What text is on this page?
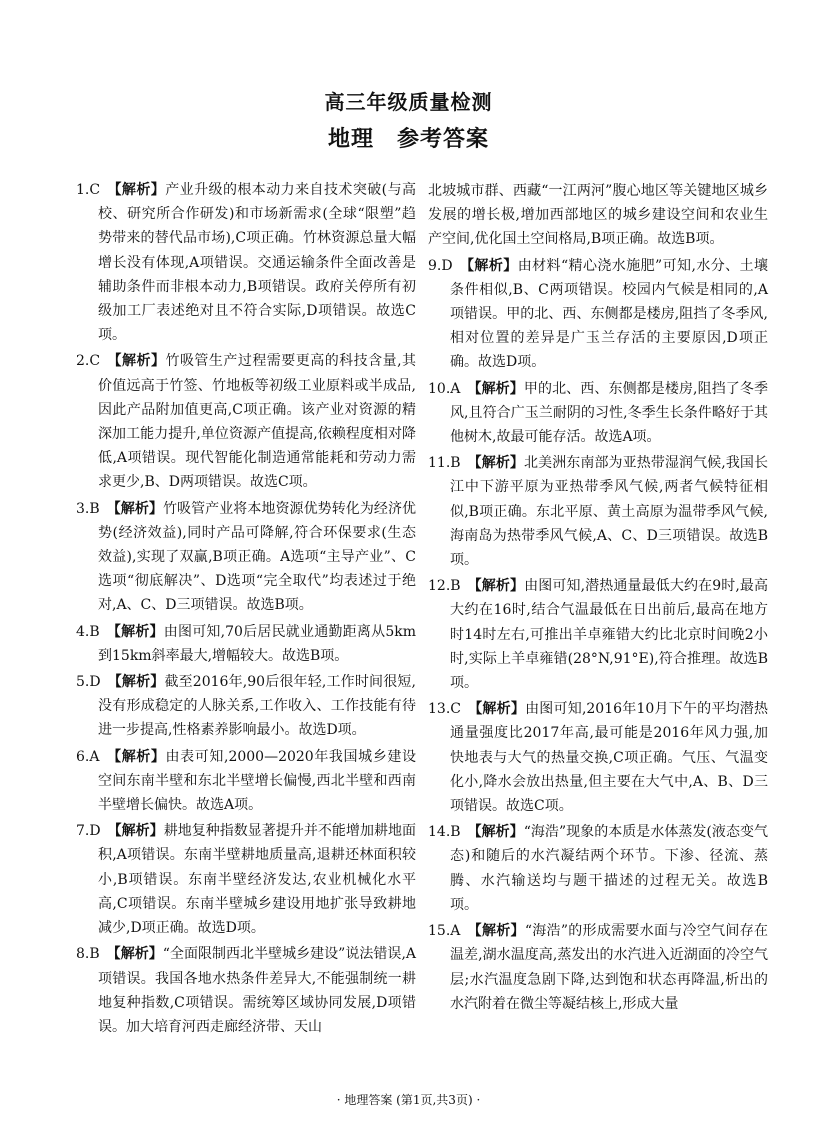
高三年级质量检测
地理　参考答案

1.C  【解析】产业升级的根本动力来自技术突破(与高校、研究所合作研发)和市场新需求(全球“限塑”趋势带来的替代品市场),C项正确。竹林资源总量大幅增长没有体现,A项错误。交通运输条件全面改善是辅助条件而非根本动力,B项错误。政府关停所有初级加工厂表述绝对且不符合实际,D项错误。故选C项。

2.C  【解析】竹吸管生产过程需要更高的科技含量,其价值远高于竹签、竹地板等初级工业原料或半成品,因此产品附加值更高,C项正确。该产业对资源的精深加工能力提升,单位资源产值提高,依赖程度相对降低,A项错误。现代智能化制造通常能耗和劳动力需求更少,B、D两项错误。故选C项。

3.B  【解析】竹吸管产业将本地资源优势转化为经济优势(经济效益),同时产品可降解,符合环保要求(生态效益),实现了双赢,B项正确。A选项“主导产业”、C选项“彻底解决”、D选项“完全取代”均表述过于绝对,A、C、D三项错误。故选B项。

4.B  【解析】由图可知,70后居民就业通勤距离从5km到15km斜率最大,增幅较大。故选B项。

5.D  【解析】截至2016年,90后很年轻,工作时间很短,没有形成稳定的人脉关系,工作收入、工作技能有待进一步提高,性格素养影响最小。故选D项。

6.A  【解析】由表可知,2000—2020年我国城乡建设空间东南半壁和东北半壁增长偏慢,西北半壁和西南半壁增长偏快。故选A项。

7.D  【解析】耕地复种指数显著提升并不能增加耕地面积,A项错误。东南半壁耕地质量高,退耕还林面积较小,B项错误。东南半壁经济发达,农业机械化水平高,C项错误。东南半壁城乡建设用地扩张导致耕地减少,D项正确。故选D项。

8.B  【解析】“全面限制西北半壁城乡建设”说法错误,A项错误。我国各地水热条件差异大,不能强制统一耕地复种指数,C项错误。需统筹区域协同发展,D项错误。加大培育河西走廊经济带、天山

北坡城市群、西藏“一江两河”腹心地区等关键地区城乡发展的增长极,增加西部地区的城乡建设空间和农业生产空间,优化国土空间格局,B项正确。故选B项。

9.D  【解析】由材料“精心浇水施肥”可知,水分、土壤条件相似,B、C两项错误。校园内气候是相同的,A项错误。甲的北、西、东侧都是楼房,阻挡了冬季风,相对位置的差异是广玉兰存活的主要原因,D项正确。故选D项。

10.A  【解析】甲的北、西、东侧都是楼房,阻挡了冬季风,且符合广玉兰耐阴的习性,冬季生长条件略好于其他树木,故最可能存活。故选A项。

11.B  【解析】北美洲东南部为亚热带湿润气候,我国长江中下游平原为亚热带季风气候,两者气候特征相似,B项正确。东北平原、黄土高原为温带季风气候,海南岛为热带季风气候,A、C、D三项错误。故选B项。

12.B  【解析】由图可知,潜热通量最低大约在9时,最高大约在16时,结合气温最低在日出前后,最高在地方时14时左右,可推出羊卓雍错大约比北京时间晚2小时,实际上羊卓雍错(28°N,91°E),符合推理。故选B项。

13.C  【解析】由图可知,2016年10月下午的平均潜热通量强度比2017年高,最可能是2016年风力强,加快地表与大气的热量交换,C项正确。气压、气温变化小,降水会放出热量,但主要在大气中,A、B、D三项错误。故选C项。

14.B  【解析】“海浩”现象的本质是水体蒸发(液态变气态)和随后的水汽凝结两个环节。下渗、径流、蒸腾、水汽输送均与题干描述的过程无关。故选B项。

15.A  【解析】“海浩”的形成需要水面与冷空气间存在温差,湖水温度高,蒸发出的水汽进入近湖面的冷空气层;水汽温度急剧下降,达到饱和状态再降温,析出的水汽附着在微尘等凝结核上,形成大量

· 地理答案 (第1页,共3页) ·
